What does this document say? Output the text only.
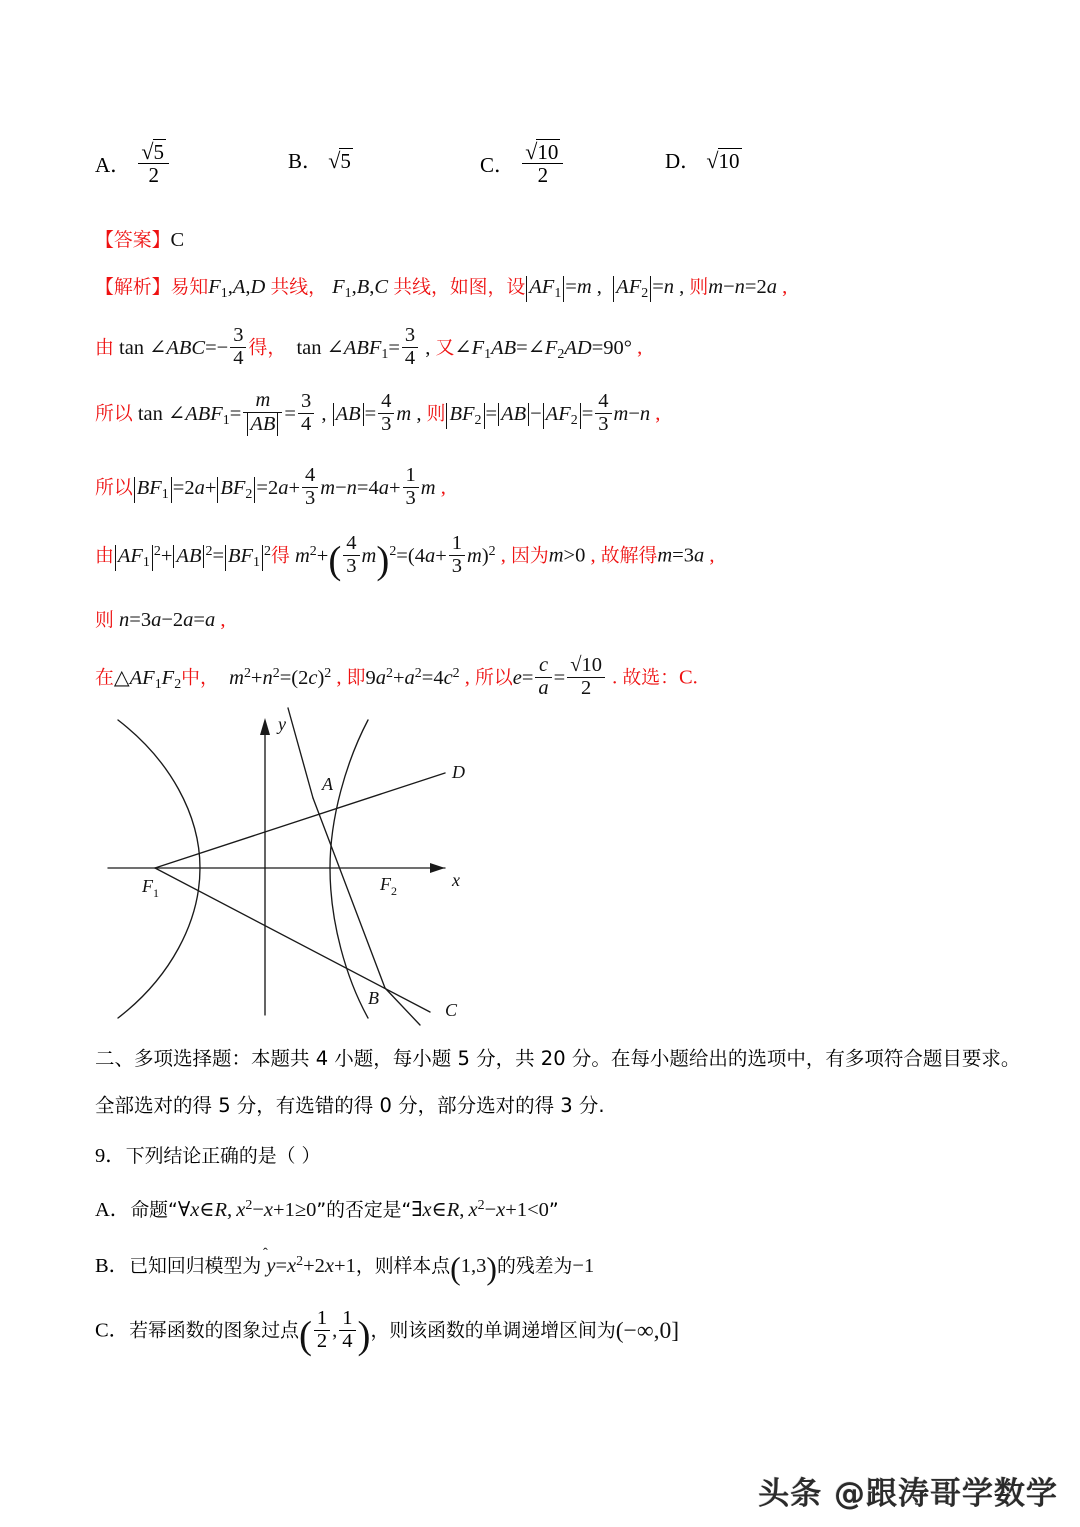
A． $\frac{√5}{2}$	B． √5	C． $\frac{√10}{2}$	D． √10
【答案】C
【解析】易知F1,A,D 共线， F1,B,C 共线，如图，设 AF1 =m ,  AF2 =n , 则m−n=2a ,
由 tan ∠ABC=− $\frac{3}{4}$ 得，  tan ∠ABF1= $\frac{3}{4}$ , 又∠F1AB=∠F2AD=90° ,
所以 tan ∠ABF1= $\frac{m}{AB} = \frac{3}{4}$ , AB = $\frac{4}{3}$ m , 则 BF2 = AB − $AF2 = \frac{4}{3} m-n$ ,
所以 $BF1 =2a+ BF2 =2a+ \frac{4}{3} m-n=4a+ \frac{1}{3}$ m ,
由 $AF1^2+$ AB $^2= BF1^2$得 $m^2+( \frac{4}{3} m)^2=(4a+ \frac{1}{3} m)^2$ , 因为m>0 , 故解得m=3a ,
则 n=3a−2a=a ,
在△AF1F2中， $m^2+n^2=(2c)^2$ , 即$9a^2+a^2=4c^2$ , 所以$e= \frac{c}{a} = \frac{√10}{2}$ . 故选：C.
y
x
$F_1$	$F_2$
A
B
C
D
二、多项选择题：本题共 4 小题，每小题 5 分，共 20 分。在每小题给出的选项中，有多项符合题目要求。
全部选对的得 5 分，有选错的得 0 分，部分选对的得 3 分.
9．下列结论正确的是（ ）
A．命题“∀x∈R,  $x^2-x+1\ge 0$”的否定是“∃x∈R,  $x^2-x+1<0$”
B．已知回归模型为 y
$=x^2+2x+1$，则样本点(1,3)的残差为−1
C．若幂函数的图象过点( $\frac{1}{2}$ , $\frac{1}{4}$ )，则该函数的单调递增区间为(−∞,0]
头条 @跟涛哥学数学
